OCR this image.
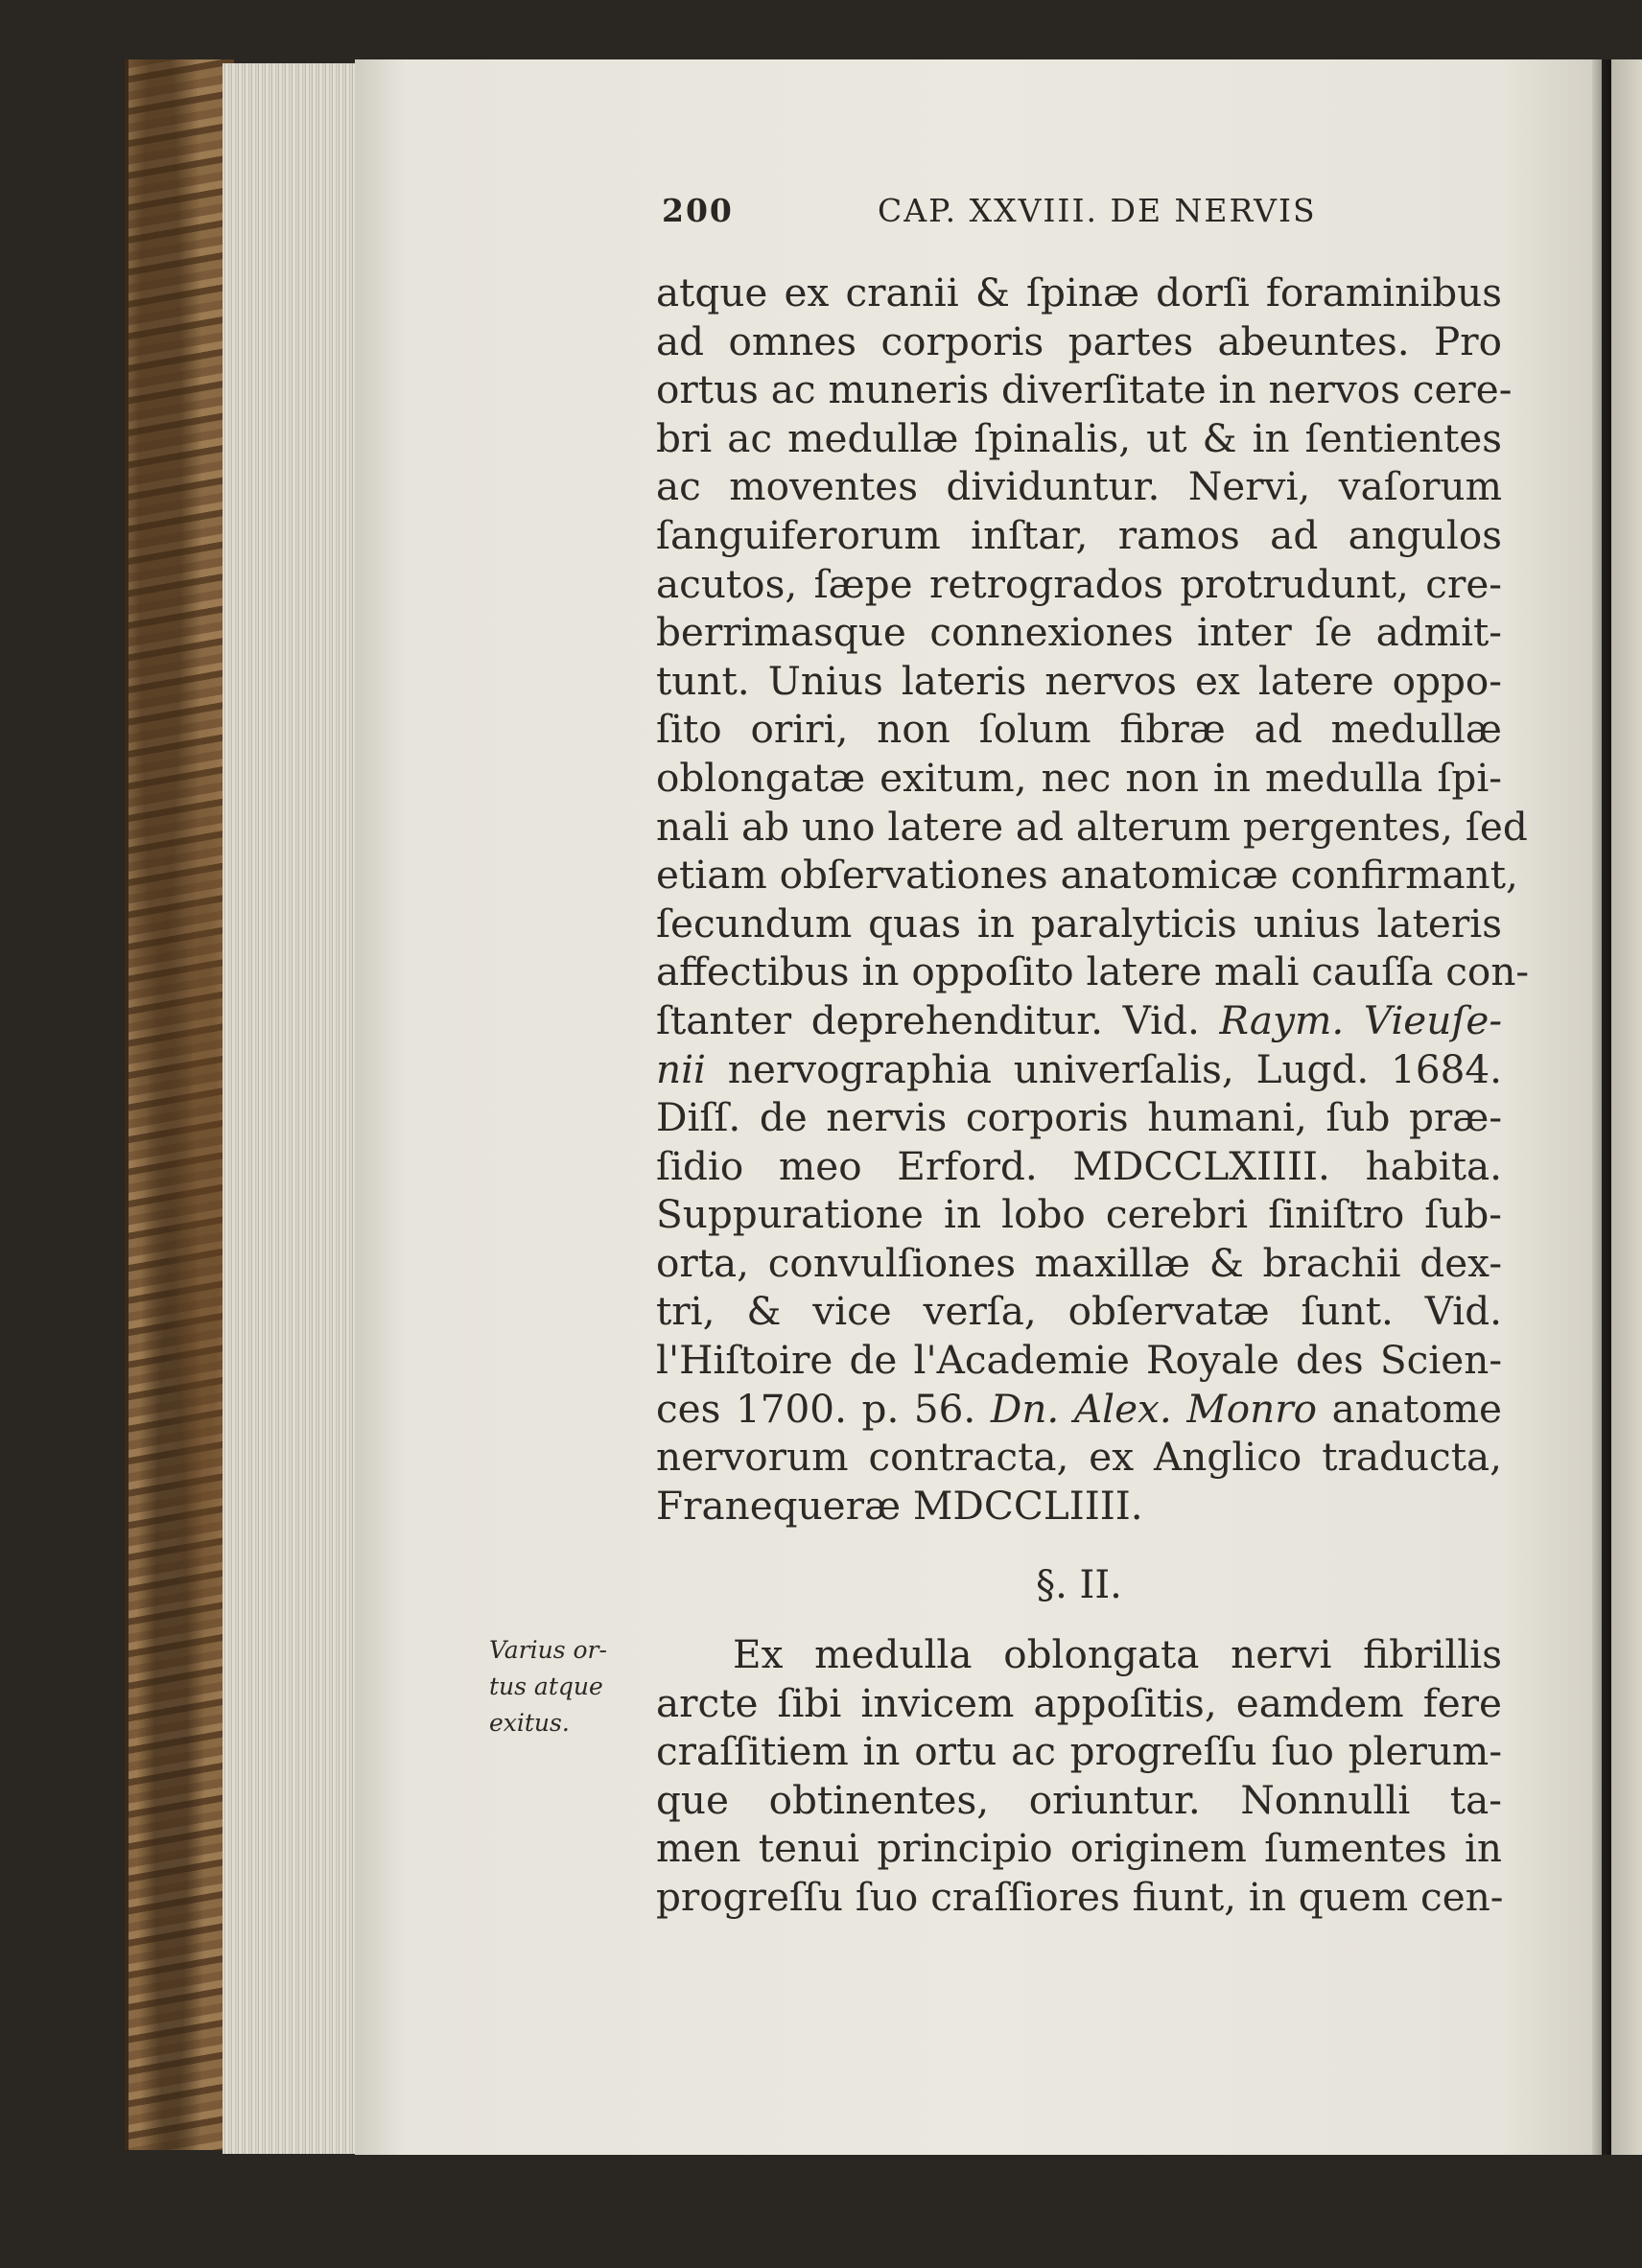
200	CAP. XXVIII. DE NERVIS
atque ex cranii & ſpinæ dorſi foraminibus
ad omnes corporis partes abeuntes. Pro
ortus ac muneris diverſitate in nervos cere-
bri ac medullæ ſpinalis, ut & in ſentientes
ac moventes dividuntur. Nervi, vaſorum
ſanguiferorum inſtar, ramos ad angulos
acutos, ſæpe retrogrados protrudunt, cre-
berrimasque connexiones inter ſe admit-
tunt. Unius lateris nervos ex latere oppo-
ſito oriri, non ſolum fibræ ad medullæ
oblongatæ exitum, nec non in medulla ſpi-
nali ab uno latere ad alterum pergentes, ſed
etiam obſervationes anatomicæ confirmant,
ſecundum quas in paralyticis unius lateris
affectibus in oppoſito latere mali cauſſa con-
ſtanter deprehenditur. Vid. Raym. Vieuſe-
nii nervographia univerſalis, Lugd. 1684.
Diſſ. de nervis corporis humani, ſub præ-
ſidio meo Erford. MDCCLXIIII. habita.
Suppuratione in lobo cerebri ſiniſtro ſub-
orta, convulſiones maxillæ & brachii dex-
tri, & vice verſa, obſervatæ ſunt. Vid.
l'Hiſtoire de l'Academie Royale des Scien-
ces 1700. p. 56. Dn. Alex. Monro anatome
nervorum contracta, ex Anglico traducta,
Franequeræ MDCCLIIII.
§. II.
Varius or-
tus atque
exitus.
Ex medulla oblongata nervi fibrillis
arcte ſibi invicem appoſitis, eamdem fere
craſſitiem in ortu ac progreſſu ſuo plerum-
que obtinentes, oriuntur. Nonnulli ta-
men tenui principio originem ſumentes in
progreſſu ſuo craſſiores fiunt, in quem cen-
